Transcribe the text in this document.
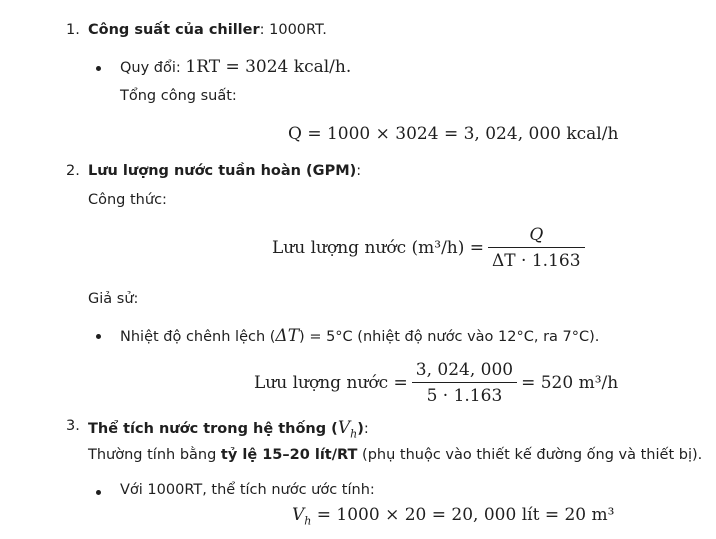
1. Công suất của chiller: 1000RT.
Quy đổi: 1RT = 3024 kcal/h.
Tổng công suất:
Q = 1000 × 3024 = 3, 024, 000 kcal/h
2. Lưu lượng nước tuần hoàn (GPM):
Công thức:
Lưu lượng nước $(m^3/h) = \frac{Q}{\Delta T \cdot 1.163}$
Giả sử:
Nhiệt độ chênh lệch (ΔT) = 5°C (nhiệt độ nước vào 12°C, ra 7°C).
Lưu lượng nước = $\frac{3, 024, 000}{5 \cdot 1.163} = 520$ m³/h
3. Thể tích nước trong hệ thống $(V_h)$:
Thường tính bằng tỷ lệ 15–20 lít/RT (phụ thuộc vào thiết kế đường ống và thiết bị).
Với 1000RT, thể tích nước ước tính:
$V_h = 1000 \times 20 = 20$, 000 lít = 20 m³
